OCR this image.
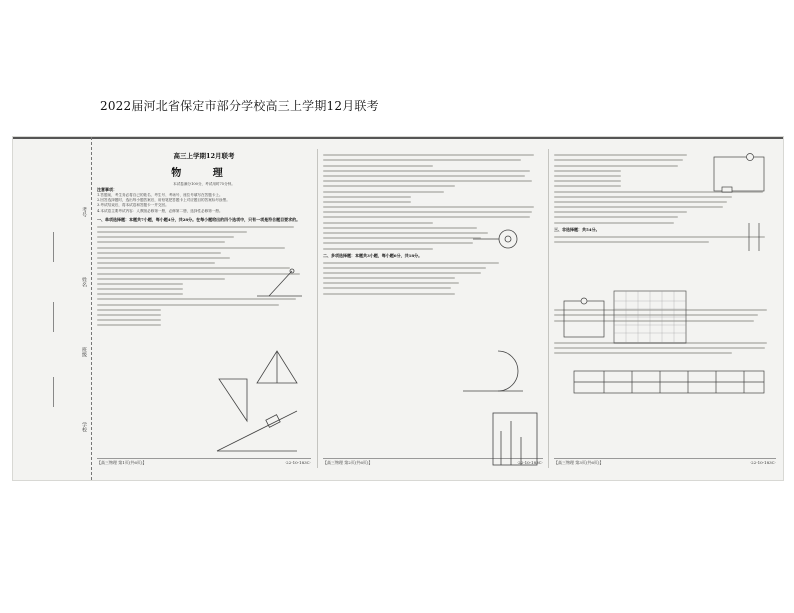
2022届河北省保定市部分学校高三上学期12月联考
考号
姓名
班级
学校
高三上学期12月联考
物 理
本试卷满分100分，考试用时75分钟。
注意事项：
1.答题前，考生务必将自己的姓名、考生号、考场号、座位号填写在答题卡上。
2.回答选择题时，选出每小题答案后，用铅笔把答题卡上对应题目的答案标号涂黑。
3.考试结束后，将本试卷和答题卡一并交回。
4.本试卷主要考试内容：人教版必修第一册，必修第二册，选择性必修第一册。
一、单项选择题：本题共7小题，每小题4分，共28分。在每小题给出的四个选项中，只有一项是符合题目要求的。
【高三物理 第1页(共6页)】	·22-10-183C·
二、多项选择题：本题共3小题，每小题6分，共18分。
【高三物理 第2页(共6页)】	·22-10-183C·
三、非选择题：共54分。
【高三物理 第3页(共6页)】	·22-10-183C·
